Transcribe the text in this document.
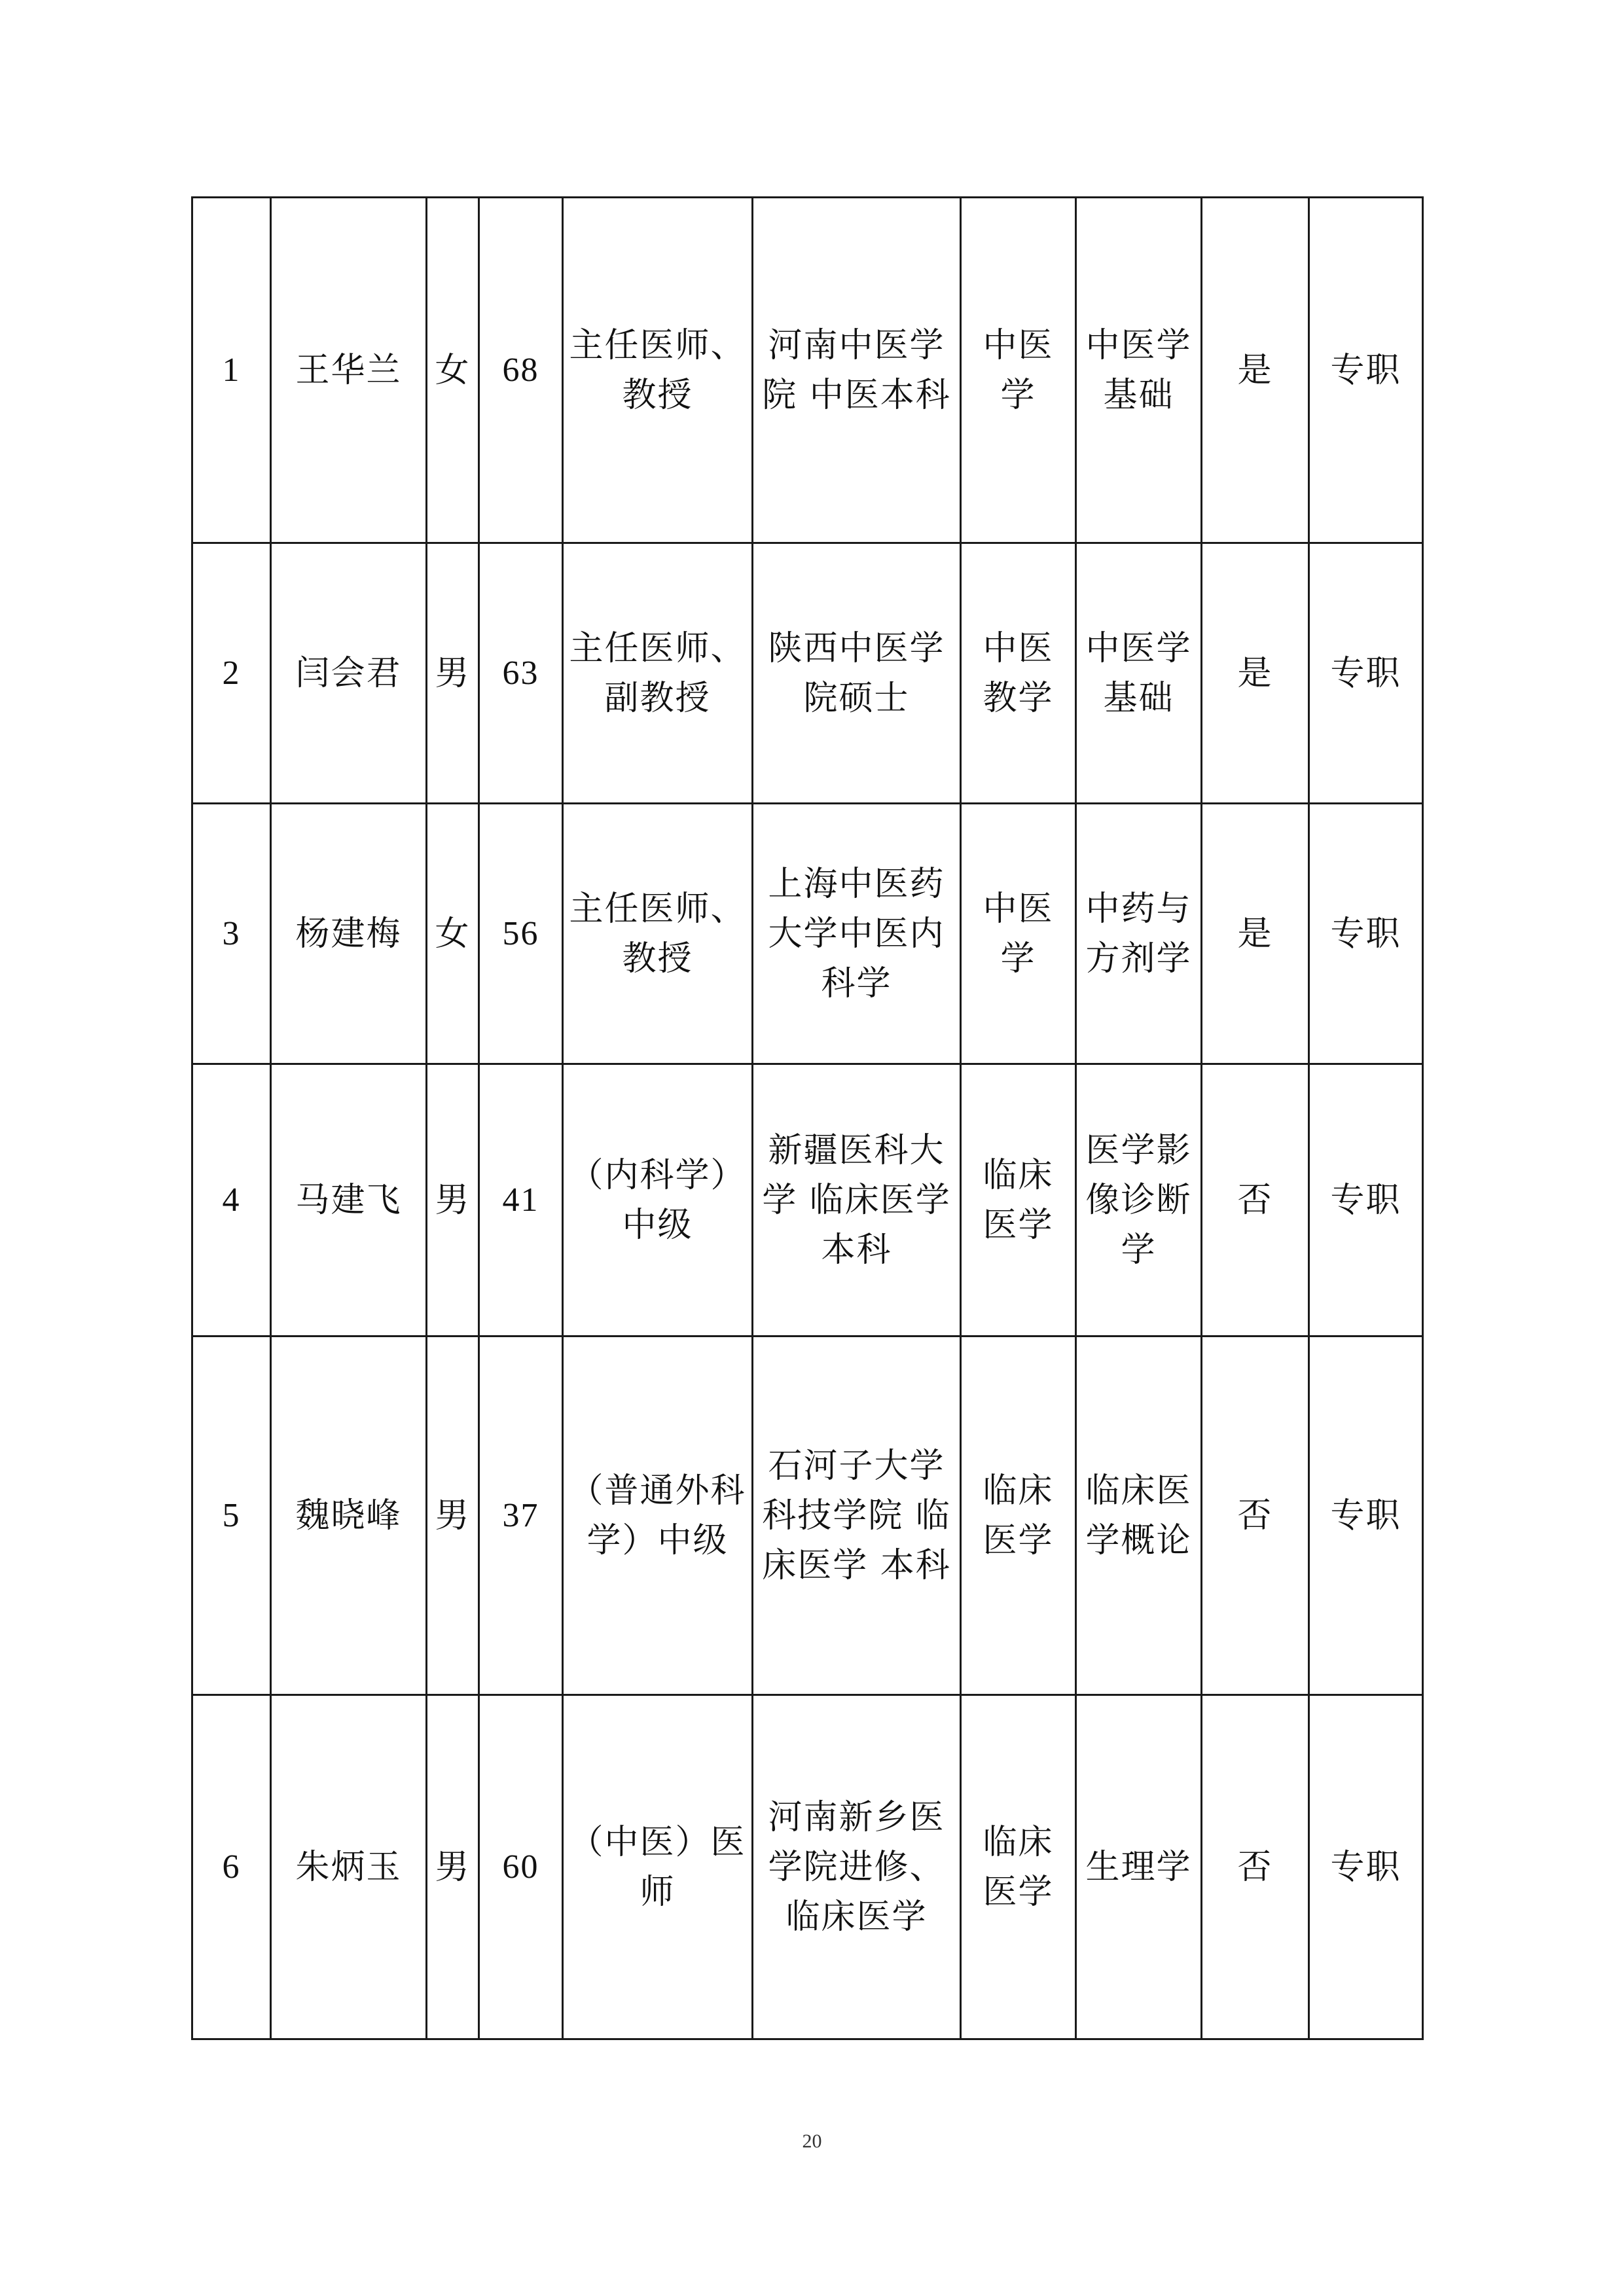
1	王华兰	女	68	主任医师、教授	河南中医学院 中医本科	中医学	中医学基础	是	专职
2	闫会君	男	63	主任医师、副教授	陕西中医学院硕士	中医教学	中医学基础	是	专职
3	杨建梅	女	56	主任医师、教授	上海中医药大学中医内科学	中医学	中药与方剂学	是	专职
4	马建飞	男	41	（内科学）中级	新疆医科大学 临床医学 本科	临床医学	医学影像诊断学	否	专职
5	魏晓峰	男	37	（普通外科学）中级	石河子大学科技学院 临床医学 本科	临床医学	临床医学概论	否	专职
6	朱炳玉	男	60	（中医）医师	河南新乡医学院进修、临床医学	临床医学	生理学	否	专职
20
